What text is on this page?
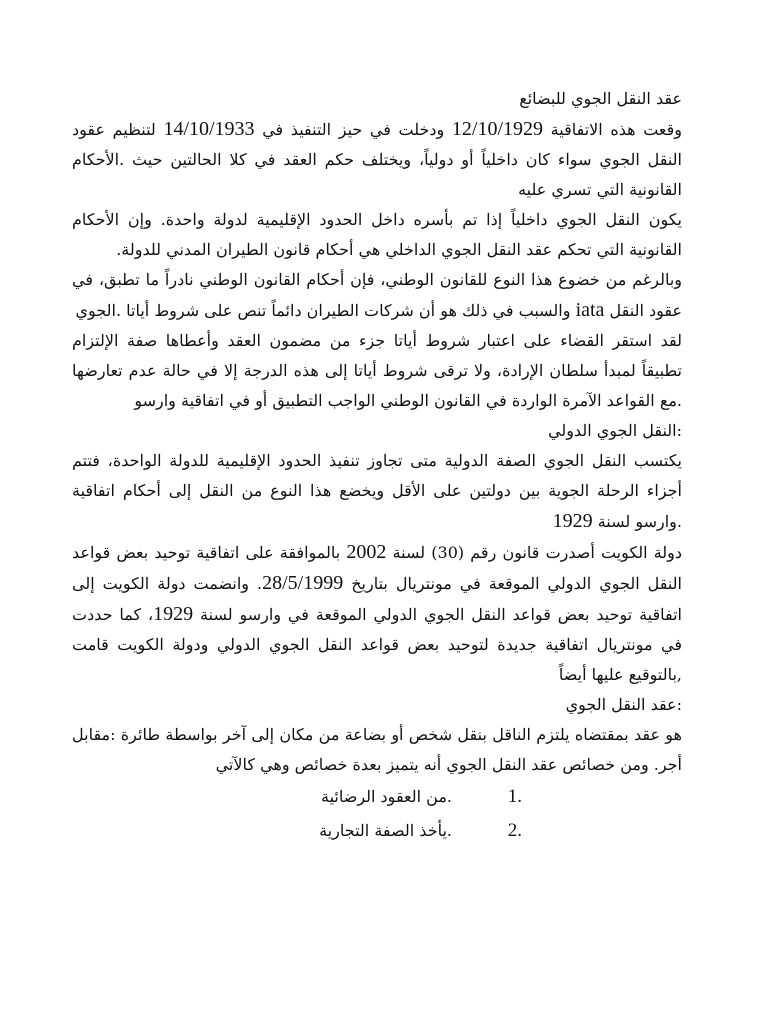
عقد النقل الجوي للبضائع

وقعت هذه الاتفاقية 12/10/1929 ودخلت في حيز التنفيذ في 14/10/1933 لتنظيم عقود النقل الجوي سواء كان داخلياً أو دولياً، ويختلف حكم العقد في كلا الحالتين حيث ‎.الأحكام القانونية التي تسري عليه

يكون النقل الجوي داخلياً إذا تم بأسره داخل الحدود الإقليمية لدولة واحدة. وإن الأحكام القانونية التي تحكم عقد النقل الجوي الداخلي هي أحكام قانون الطيران المدني للدولة.

وبالرغم من خضوع هذا النوع للقانون الوطني، فإن أحكام القانون الوطني نادراً ما تطبق، في عقود النقل iata والسبب في ذلك هو أن شركات الطيران دائماً تنص على شروط أياتا ‎.الجوي

لقد استقر القضاء على اعتبار شروط أياتا جزء من مضمون العقد وأعطاها صفة الإلتزام تطبيقاً لمبدأ سلطان الإرادة، ولا ترقى شروط أياتا إلى هذه الدرجة إلا في حالة عدم تعارضها ‎.مع القواعد الآمرة الواردة في القانون الوطني الواجب التطبيق أو في اتفاقية وارسو

‎:النقل الجوي الدولي

يكتسب النقل الجوي الصفة الدولية متى تجاوز تنفيذ الحدود الإقليمية للدولة الواحدة، فتتم أجزاء الرحلة الجوية بين دولتين على الأقل ويخضع هذا النوع من النقل إلى أحكام اتفاقية ‎.وارسو لسنة 1929

دولة الكويت أصدرت قانون رقم (30) لسنة 2002 بالموافقة على اتفاقية توحيد بعض قواعد النقل الجوي الدولي الموقعة في مونتريال بتاريخ 28/5/1999. وانضمت دولة الكويت إلى اتفاقية توحيد بعض قواعد النقل الجوي الدولي الموقعة في وارسو لسنة 1929، كما حددت في مونتريال اتفاقية جديدة لتوحيد بعض قواعد النقل الجوي الدولي ودولة الكويت قامت ‎,بالتوقيع عليها أيضاً

‎:عقد النقل الجوي

هو عقد بمقتضاه يلتزم الناقل بنقل شخص أو بضاعة من مكان إلى آخر بواسطة طائرة ‎:مقابل أجر. ومن خصائص عقد النقل الجوي أنه يتميز بعدة خصائص وهي كالآتي

1.
‎.من العقود الرضائية
2.
‎.يأخذ الصفة التجارية
